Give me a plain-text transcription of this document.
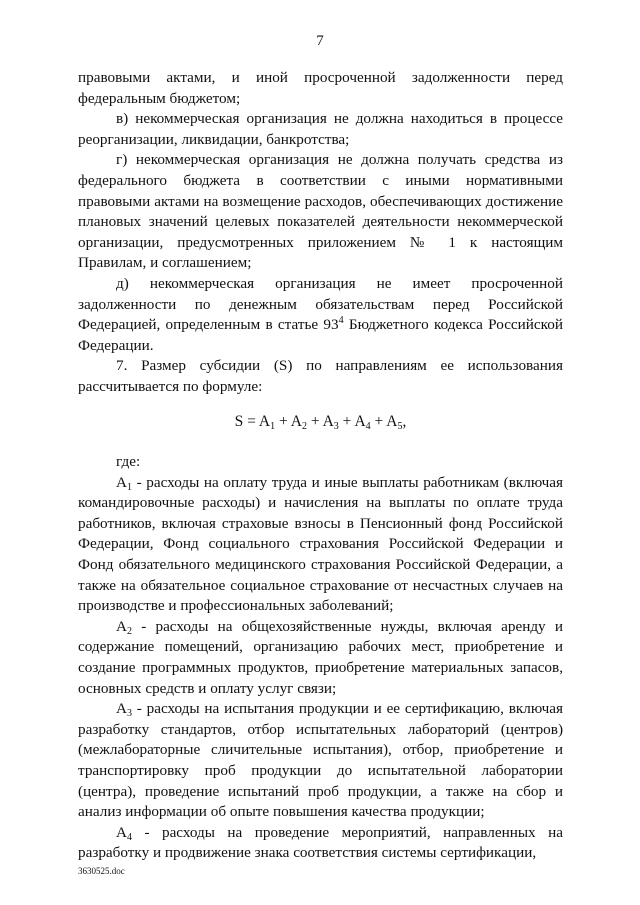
7

правовыми актами, и иной просроченной задолженности перед федеральным бюджетом;

в) некоммерческая организация не должна находиться в процессе реорганизации, ликвидации, банкротства;

г) некоммерческая организация не должна получать средства из федерального бюджета в соответствии с иными нормативными правовыми актами на возмещение расходов, обеспечивающих достижение плановых значений целевых показателей деятельности некоммерческой организации, предусмотренных приложением № 1 к настоящим Правилам, и соглашением;

д) некоммерческая организация не имеет просроченной задолженности по денежным обязательствам перед Российской Федерацией, определенным в статье $93^4$ Бюджетного кодекса Российской Федерации.

7. Размер субсидии (S) по направлениям ее использования рассчитывается по формуле:

$S = A_1 + A_2 + A_3 + A_4 + A_5$,

где:

$A_1$ - расходы на оплату труда и иные выплаты работникам (включая командировочные расходы) и начисления на выплаты по оплате труда работников, включая страховые взносы в Пенсионный фонд Российской Федерации, Фонд социального страхования Российской Федерации и Фонд обязательного медицинского страхования Российской Федерации, а также на обязательное социальное страхование от несчастных случаев на производстве и профессиональных заболеваний;

$A_2$ - расходы на общехозяйственные нужды, включая аренду и содержание помещений, организацию рабочих мест, приобретение и создание программных продуктов, приобретение материальных запасов, основных средств и оплату услуг связи;

$A_3$ - расходы на испытания продукции и ее сертификацию, включая разработку стандартов, отбор испытательных лабораторий (центров) (межлабораторные сличительные испытания), отбор, приобретение и транспортировку проб продукции до испытательной лаборатории (центра), проведение испытаний проб продукции, а также на сбор и анализ информации об опыте повышения качества продукции;

$A_4$ - расходы на проведение мероприятий, направленных на разработку и продвижение знака соответствия системы сертификации,

3630525.doc
